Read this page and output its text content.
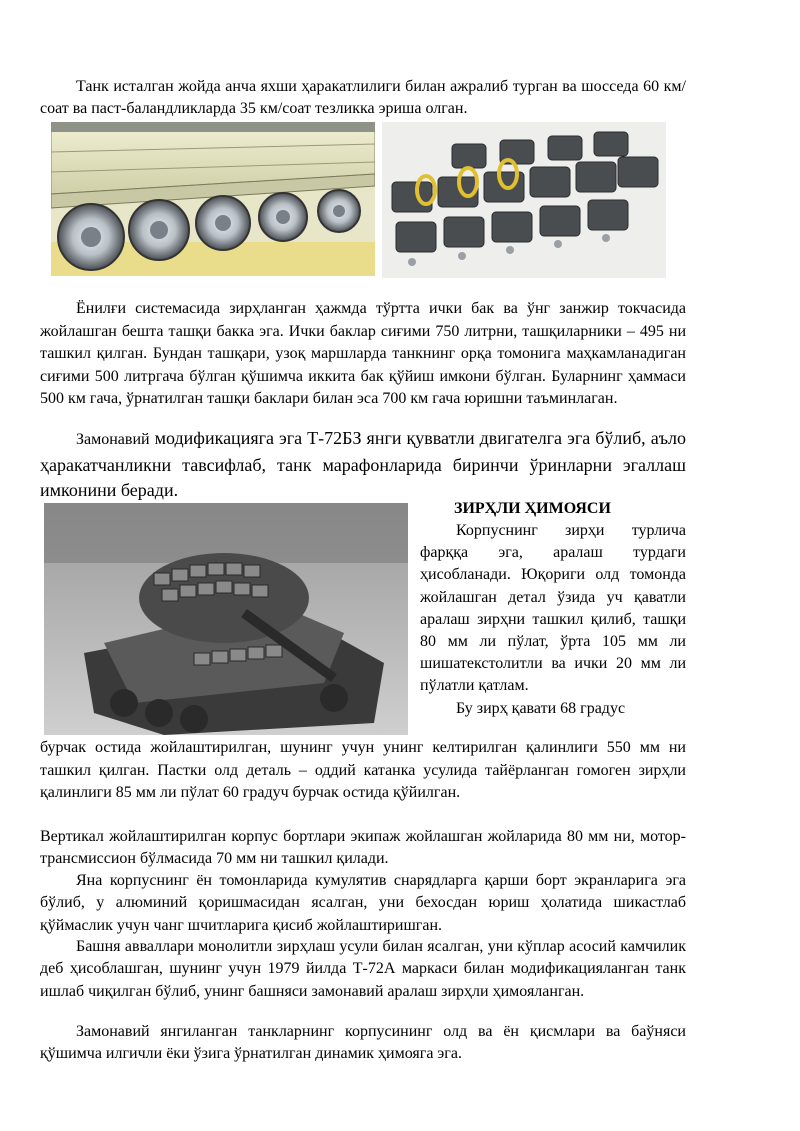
Танк исталган жойда анча яхши ҳаракатлилиги билан ажралиб турган ва шосседа 60 км/соат ва паст-баландликларда 35 км/соат тезликка эриша олган.

Ёнилғи системасида зирҳланган ҳажмда тўртта ички бак ва ўнг занжир токчасида жойлашган бешта ташқи бакка эга. Ички баклар сиғими 750 литрни, ташқиларники – 495 ни ташкил қилган. Бундан ташқари, узоқ маршларда танкнинг орқа томонига маҳкамланадиган сиғими 500 литргача бўлган қўшимча иккита бак қўйиш имкони бўлган. Буларнинг ҳаммаси 500 км гача, ўрнатилган ташқи баклари билан эса 700 км гача юришни таъминлаган.

Замонавий модификацияга эга Т-72БЗ янги қувватли двигателга эга бўлиб, аъло ҳаракатчанликни тавсифлаб, танк марафонларида биринчи ўринларни эгаллаш имконини беради.

ЗИРҲЛИ ҲИМОЯСИ

Корпуснинг зирҳи турлича фарққа эга, аралаш турдаги ҳисобланади. Юқориги олд томонда жойлашган детал ўзида уч қаватли аралаш зирҳни ташкил қилиб, ташқи 80 мм ли пўлат, ўрта 105 мм ли шишатекстолитли ва ички 20 мм ли пўлатли қатлам.
Бу зирҳ қавати 68 градус

бурчак остида жойлаштирилган, шунинг учун унинг келтирилган қалинлиги 550 мм ни ташкил қилган. Пастки олд деталь – оддий катанка усулида тайёрланган гомоген зирҳли қалинлиги 85 мм ли пўлат 60 градуч бурчак остида қўйилган.

Вертикал жойлаштирилган корпус бортлари экипаж жойлашган жойларида 80 мм ни, мотор-трансмиссион бўлмасида 70 мм ни ташкил қилади.

Яна корпуснинг ён томонларида кумулятив снарядларга қарши борт экранларига эга бўлиб, у алюминий қоришмасидан ясалган, уни бехосдан юриш ҳолатида шикастлаб қўймаслик учун чанг шчитларига қисиб жойлаштиришган.

Башня авваллари монолитли зирҳлаш усули билан ясалган, уни кўплар асосий камчилик деб ҳисоблашган, шунинг учун 1979 йилда Т-72А маркаси билан модификацияланган танк ишлаб чиқилган бўлиб, унинг башняси замонавий аралаш зирҳли ҳимояланган.

Замонавий янгиланган танкларнинг корпусининг олд ва ён қисмлари ва баўняси қўшимча илгичли ёки ўзига ўрнатилган динамик ҳимояга эга.
